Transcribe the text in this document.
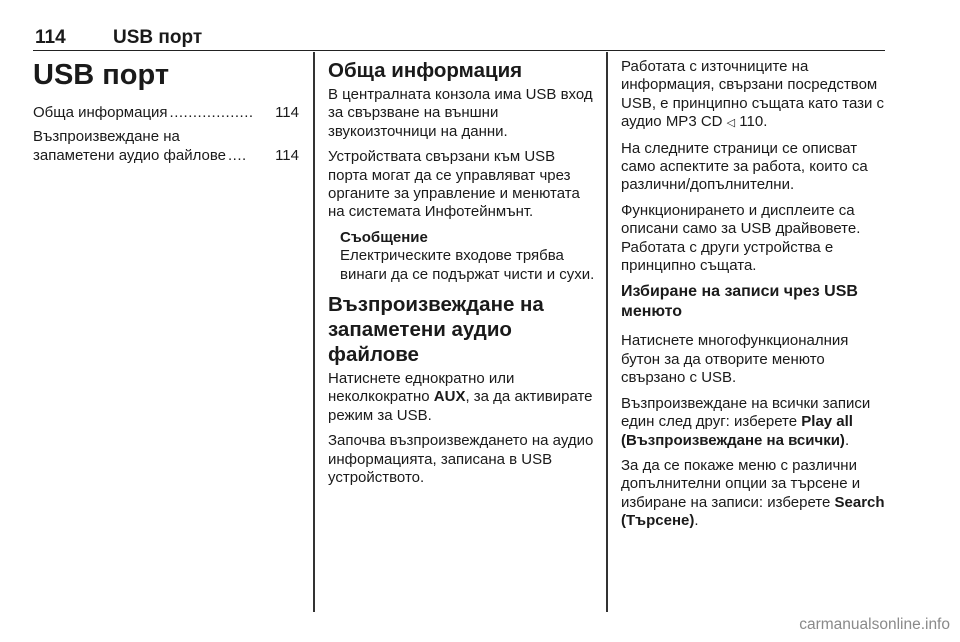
114 USB порт
USB порт
Обща информация ..................	114
Възпроизвеждане на
запаметени аудио файлове ....	114
Обща информация

В централната конзола има USB вход за свързване на външни звукоизточници на данни.

Устройствата свързани към USB порта могат да се управляват чрез органите за управление и менютата на системата Инфотейнмънт.

Съобщение
Електрическите входове трябва винаги да се подържат чисти и сухи.
Възпроизвеждане на запаметени аудио файлове

Натиснете еднократно или неколкократно AUX, за да активирате режим за USB.

Започва възпроизвеждането на аудио информацията, записана в USB устройството.

Работата с източниците на информация, свързани посредством USB, е принципно същата като тази с аудио MP3 CD ◁ 110.

На следните страници се описват само аспектите за работа, които са различни/допълнителни.

Функционирането и дисплеите са описани само за USB драйвовете. Работата с други устройства е принципно същата.

Избиране на записи чрез USB менюто

Натиснете многофункционалния бутон за да отворите менюто свързано с USB.

Възпроизвеждане на всички записи един след друг: изберете Play all (Възпроизвеждане на всички).

За да се покаже меню с различни допълнителни опции за търсене и избиране на записи: изберете Search (Търсене).

carmanualsonline.info
